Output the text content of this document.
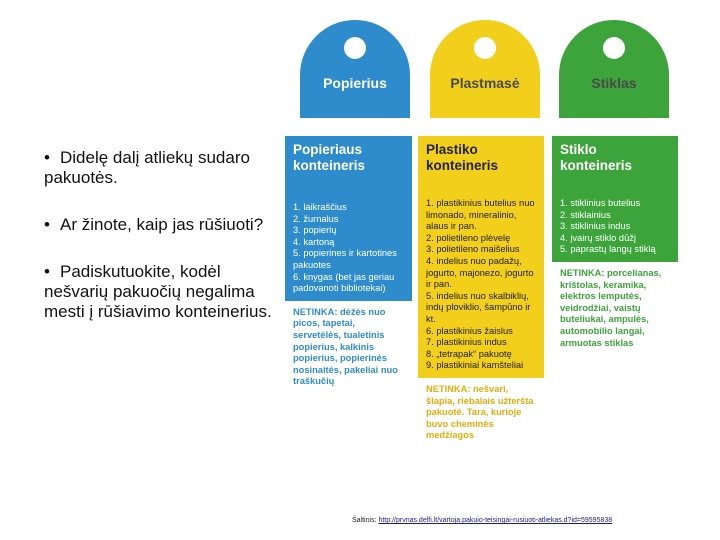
• Didelę dalį atliekų sudaro pakuotės.

• Ar žinote, kaip jas rūšiuoti?

• Padiskutuokite, kodėl nešvarių pakuočių negalima mesti į rūšiavimo konteinerius.

Popierius	Plastmasė	Stiklas
Popieriaus konteineris
1. laikraščius
2. žurnalus
3. popierių
4. kartoną
5. popierines ir kartotines pakuotes
6. knygas (bet jas geriau padovanoti bibliotekai)
NETINKA: dėžės nuo picos, tapetai, servetėlės, tualetinis popierius, kalkinis popierius, popierinės nosinaitės, pakeliai nuo traškučių
Plastiko konteineris
1. plastikinius butelius nuo limonado, mineralinio, alaus ir pan.
2. polietileno plėvelę
3. polietileno maišelius
4. indelius nuo padažų, jogurto, majonezo, jogurto ir pan.
5. indelius nuo skalbiklių, indų ploviklio, šampūno ir kt.
6. plastikinius žaislus
7. plastikinius indus
8. „tetrapak“ pakuotę
9. plastikiniai kamšteliai
NETINKA: nešvari, šlapia, riebalais užteršta pakuotė. Tara, kurioje buvo cheminės medžiagos
Stiklo konteineris
1. stiklinius butelius
2. stiklainius
3. stiklinius indus
4. įvairų stiklo dūžį
5. paprastų langų stiklą
NETINKA: porcelianas, krištolas, keramika, elektros lemputės, veidrodžiai, vaistų buteliukai, ampulės, automobilio langai, armuotas stiklas
Šaltinis: http://prvnas.delfi.lt/vartoja.pakuio-teisingai-rusiuoti-atliekas.d?id=59595838
